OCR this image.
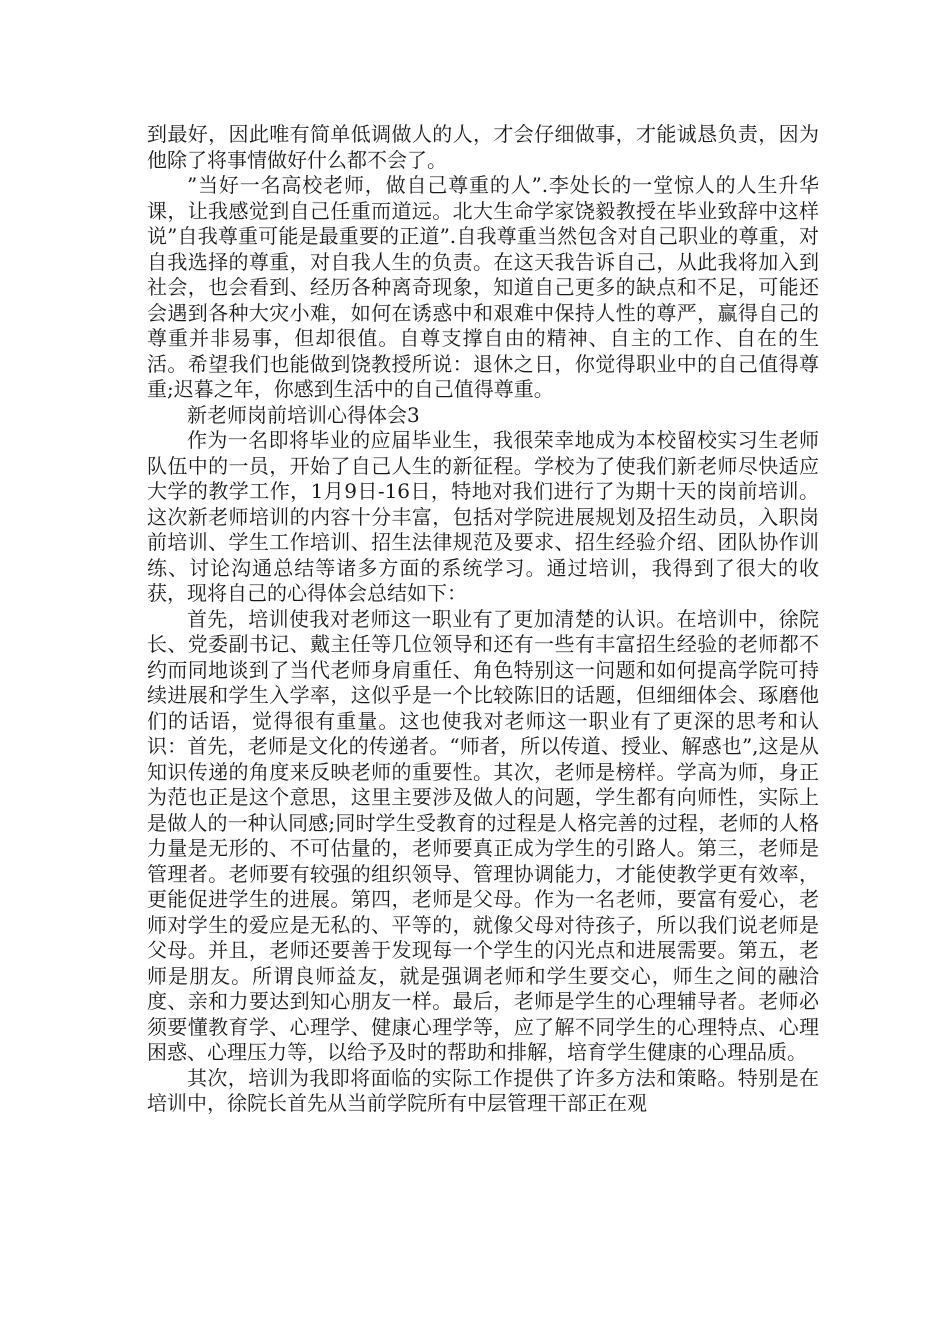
到最好，因此唯有简单低调做人的人，才会仔细做事，才能诚恳负责，因为他除了将事情做好什么都不会了。

”当好一名高校老师，做自己尊重的人”.李处长的一堂惊人的人生升华课，让我感觉到自己任重而道远。北大生命学家饶毅教授在毕业致辞中这样说”自我尊重可能是最重要的正道”.自我尊重当然包含对自己职业的尊重，对自我选择的尊重，对自我人生的负责。在这天我告诉自己，从此我将加入到社会，也会看到、经历各种离奇现象，知道自己更多的缺点和不足，可能还会遇到各种大灾小难，如何在诱惑中和艰难中保持人性的尊严，赢得自己的尊重并非易事，但却很值。自尊支撑自由的精神、自主的工作、自在的生活。希望我们也能做到饶教授所说：退休之日，你觉得职业中的自己值得尊重;迟暮之年，你感到生活中的自己值得尊重。

新老师岗前培训心得体会3

作为一名即将毕业的应届毕业生，我很荣幸地成为本校留校实习生老师队伍中的一员，开始了自己人生的新征程。学校为了使我们新老师尽快适应大学的教学工作，1月9日-16日，特地对我们进行了为期十天的岗前培训。这次新老师培训的内容十分丰富，包括对学院进展规划及招生动员，入职岗前培训、学生工作培训、招生法律规范及要求、招生经验介绍、团队协作训练、讨论沟通总结等诸多方面的系统学习。通过培训，我得到了很大的收获，现将自己的心得体会总结如下：

首先，培训使我对老师这一职业有了更加清楚的认识。在培训中，徐院长、党委副书记、戴主任等几位领导和还有一些有丰富招生经验的老师都不约而同地谈到了当代老师身肩重任、角色特别这一问题和如何提高学院可持续进展和学生入学率，这似乎是一个比较陈旧的话题，但细细体会、琢磨他们的话语，觉得很有重量。这也使我对老师这一职业有了更深的思考和认识：首先，老师是文化的传递者。“师者，所以传道、授业、解惑也”,这是从知识传递的角度来反映老师的重要性。其次，老师是榜样。学高为师，身正为范也正是这个意思，这里主要涉及做人的问题，学生都有向师性，实际上是做人的一种认同感;同时学生受教育的过程是人格完善的过程，老师的人格力量是无形的、不可估量的，老师要真正成为学生的引路人。第三，老师是管理者。老师要有较强的组织领导、管理协调能力，才能使教学更有效率，更能促进学生的进展。第四，老师是父母。作为一名老师，要富有爱心，老师对学生的爱应是无私的、平等的，就像父母对待孩子，所以我们说老师是父母。并且，老师还要善于发现每一个学生的闪光点和进展需要。第五，老师是朋友。所谓良师益友，就是强调老师和学生要交心，师生之间的融洽度、亲和力要达到知心朋友一样。最后，老师是学生的心理辅导者。老师必须要懂教育学、心理学、健康心理学等，应了解不同学生的心理特点、心理困惑、心理压力等，以给予及时的帮助和排解，培育学生健康的心理品质。

其次，培训为我即将面临的实际工作提供了许多方法和策略。特别是在培训中，徐院长首先从当前学院所有中层管理干部正在观
